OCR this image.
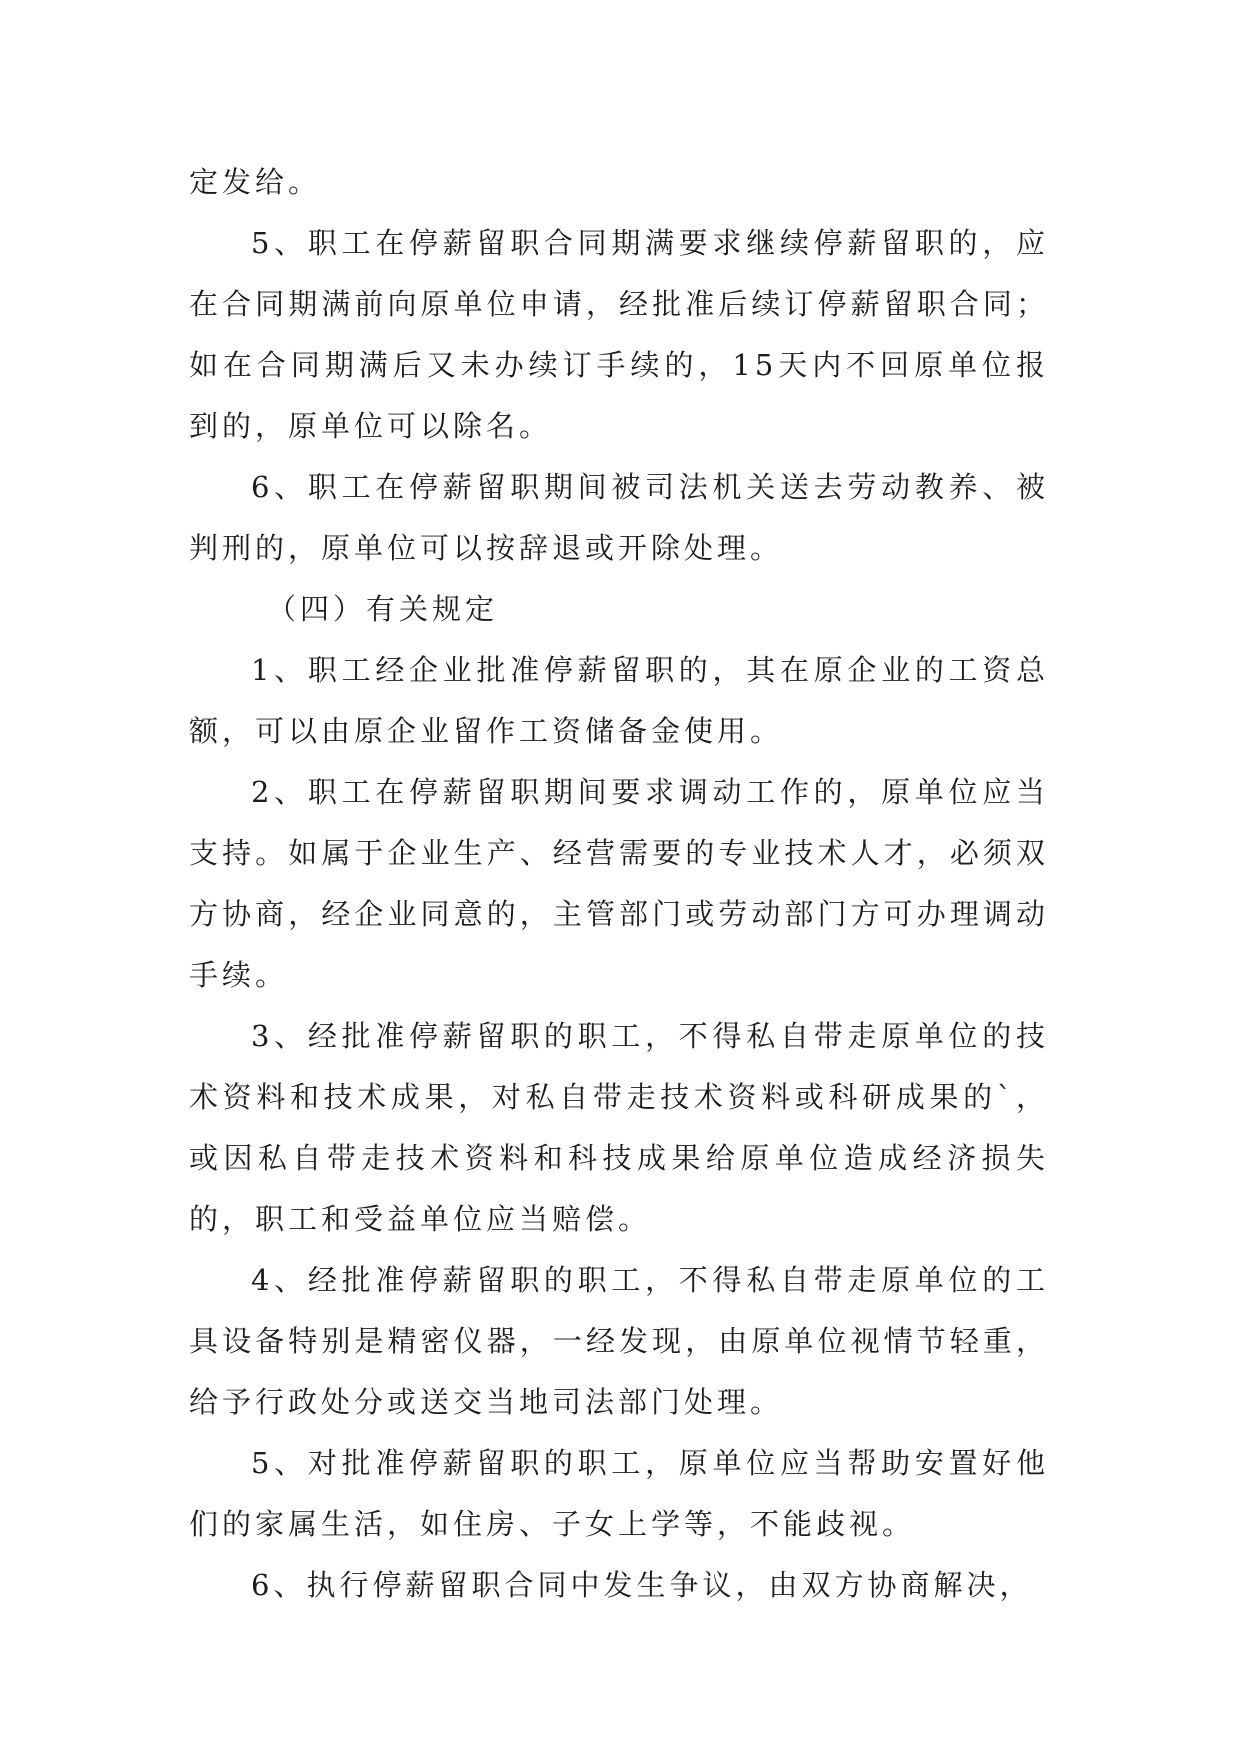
定发给。

5、职工在停薪留职合同期满要求继续停薪留职的，应在合同期满前向原单位申请，经批准后续订停薪留职合同；如在合同期满后又未办续订手续的，15天内不回原单位报到的，原单位可以除名。

6、职工在停薪留职期间被司法机关送去劳动教养、被判刑的，原单位可以按辞退或开除处理。

（四）有关规定

1、职工经企业批准停薪留职的，其在原企业的工资总额，可以由原企业留作工资储备金使用。

2、职工在停薪留职期间要求调动工作的，原单位应当支持。如属于企业生产、经营需要的专业技术人才，必须双方协商，经企业同意的，主管部门或劳动部门方可办理调动手续。

3、经批准停薪留职的职工，不得私自带走原单位的技术资料和技术成果，对私自带走技术资料或科研成果的`，或因私自带走技术资料和科技成果给原单位造成经济损失的，职工和受益单位应当赔偿。

4、经批准停薪留职的职工，不得私自带走原单位的工具设备特别是精密仪器，一经发现，由原单位视情节轻重，给予行政处分或送交当地司法部门处理。

5、对批准停薪留职的职工，原单位应当帮助安置好他们的家属生活，如住房、子女上学等，不能歧视。

6、执行停薪留职合同中发生争议，由双方协商解决，
